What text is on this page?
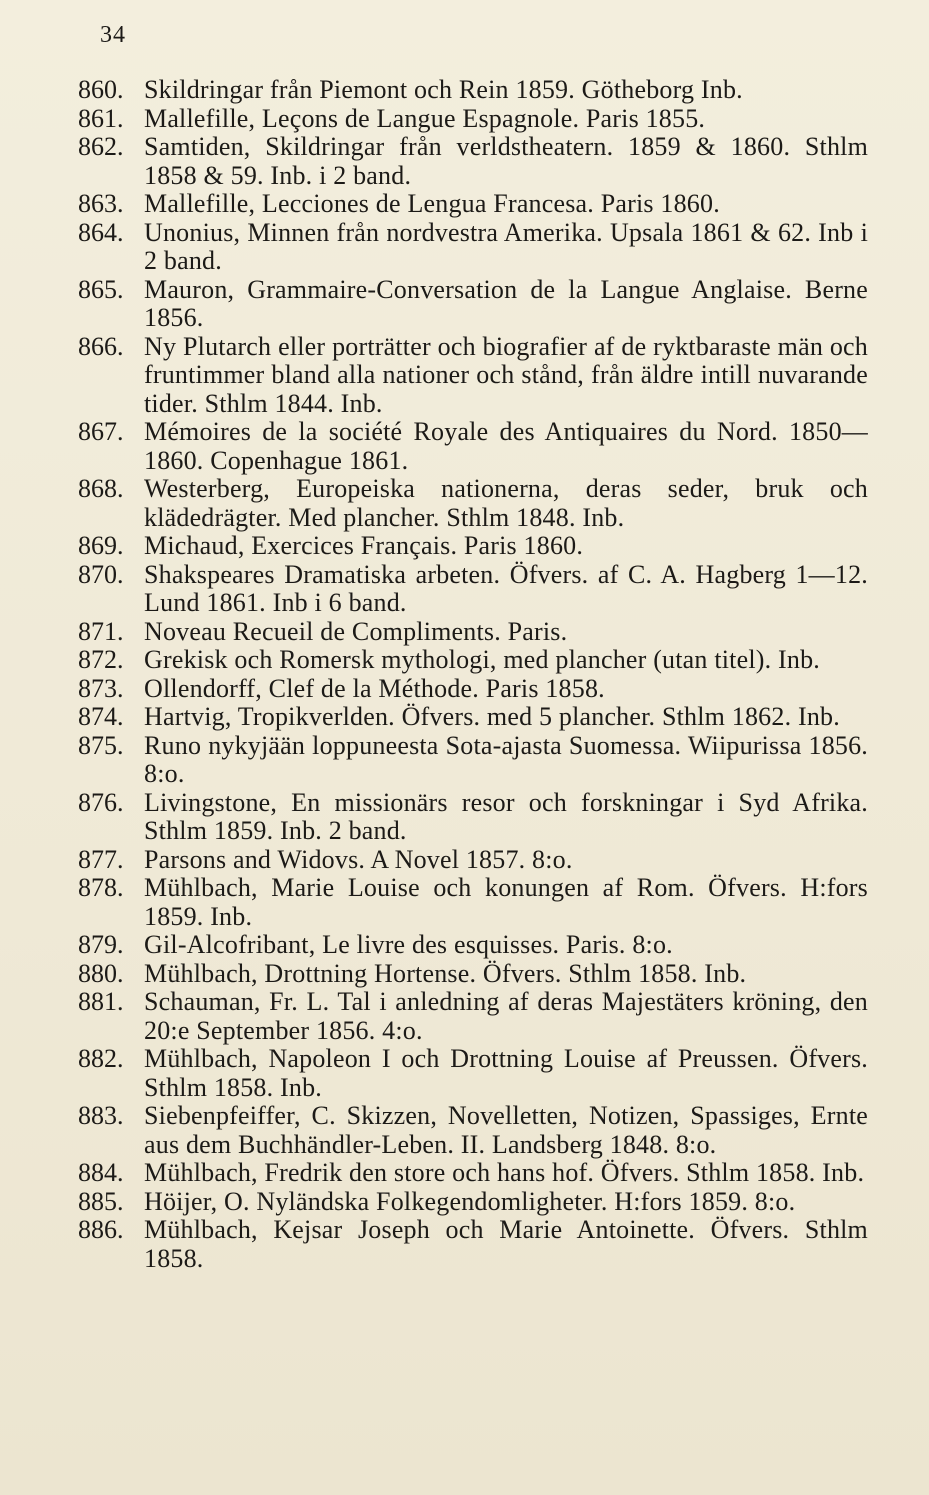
34
860. Skildringar från Piemont och Rein 1859. Götheborg Inb.
861. Mallefille, Leçons de Langue Espagnole. Paris 1855.
862. Samtiden, Skildringar från verldstheatern. 1859 & 1860. Sthlm 1858 & 59. Inb. i 2 band.
863. Mallefille, Lecciones de Lengua Francesa. Paris 1860.
864. Unonius, Minnen från nordvestra Amerika. Upsala 1861 & 62. Inb i 2 band.
865. Mauron, Grammaire-Conversation de la Langue Anglaise. Berne 1856.
866. Ny Plutarch eller porträtter och biografier af de ryktbaraste män och fruntimmer bland alla nationer och stånd, från äldre intill nuvarande tider. Sthlm 1844. Inb.
867. Mémoires de la société Royale des Antiquaires du Nord. 1850—1860. Copenhague 1861.
868. Westerberg, Europeiska nationerna, deras seder, bruk och klädedrägter. Med plancher. Sthlm 1848. Inb.
869. Michaud, Exercices Français. Paris 1860.
870. Shakspeares Dramatiska arbeten. Öfvers. af C. A. Hagberg 1—12. Lund 1861. Inb i 6 band.
871. Noveau Recueil de Compliments. Paris.
872. Grekisk och Romersk mythologi, med plancher (utan titel). Inb.
873. Ollendorff, Clef de la Méthode. Paris 1858.
874. Hartvig, Tropikverlden. Öfvers. med 5 plancher. Sthlm 1862. Inb.
875. Runo nykyjään loppuneesta Sota-ajasta Suomessa. Wiipurissa 1856. 8:o.
876. Livingstone, En missionärs resor och forskningar i Syd Afrika. Sthlm 1859. Inb. 2 band.
877. Parsons and Widovs. A Novel 1857. 8:o.
878. Mühlbach, Marie Louise och konungen af Rom. Öfvers. H:fors 1859. Inb.
879. Gil-Alcofribant, Le livre des esquisses. Paris. 8:o.
880. Mühlbach, Drottning Hortense. Öfvers. Sthlm 1858. Inb.
881. Schauman, Fr. L. Tal i anledning af deras Majestäters kröning, den 20:e September 1856. 4:o.
882. Mühlbach, Napoleon I och Drottning Louise af Preussen. Öfvers. Sthlm 1858. Inb.
883. Siebenpfeiffer, C. Skizzen, Novelletten, Notizen, Spassiges, Ernte aus dem Buchhändler-Leben. II. Landsberg 1848. 8:o.
884. Mühlbach, Fredrik den store och hans hof. Öfvers. Sthlm 1858. Inb.
885. Höijer, O. Nyländska Folkegendomligheter. H:fors 1859. 8:o.
886. Mühlbach, Kejsar Joseph och Marie Antoinette. Öfvers. Sthlm 1858.
